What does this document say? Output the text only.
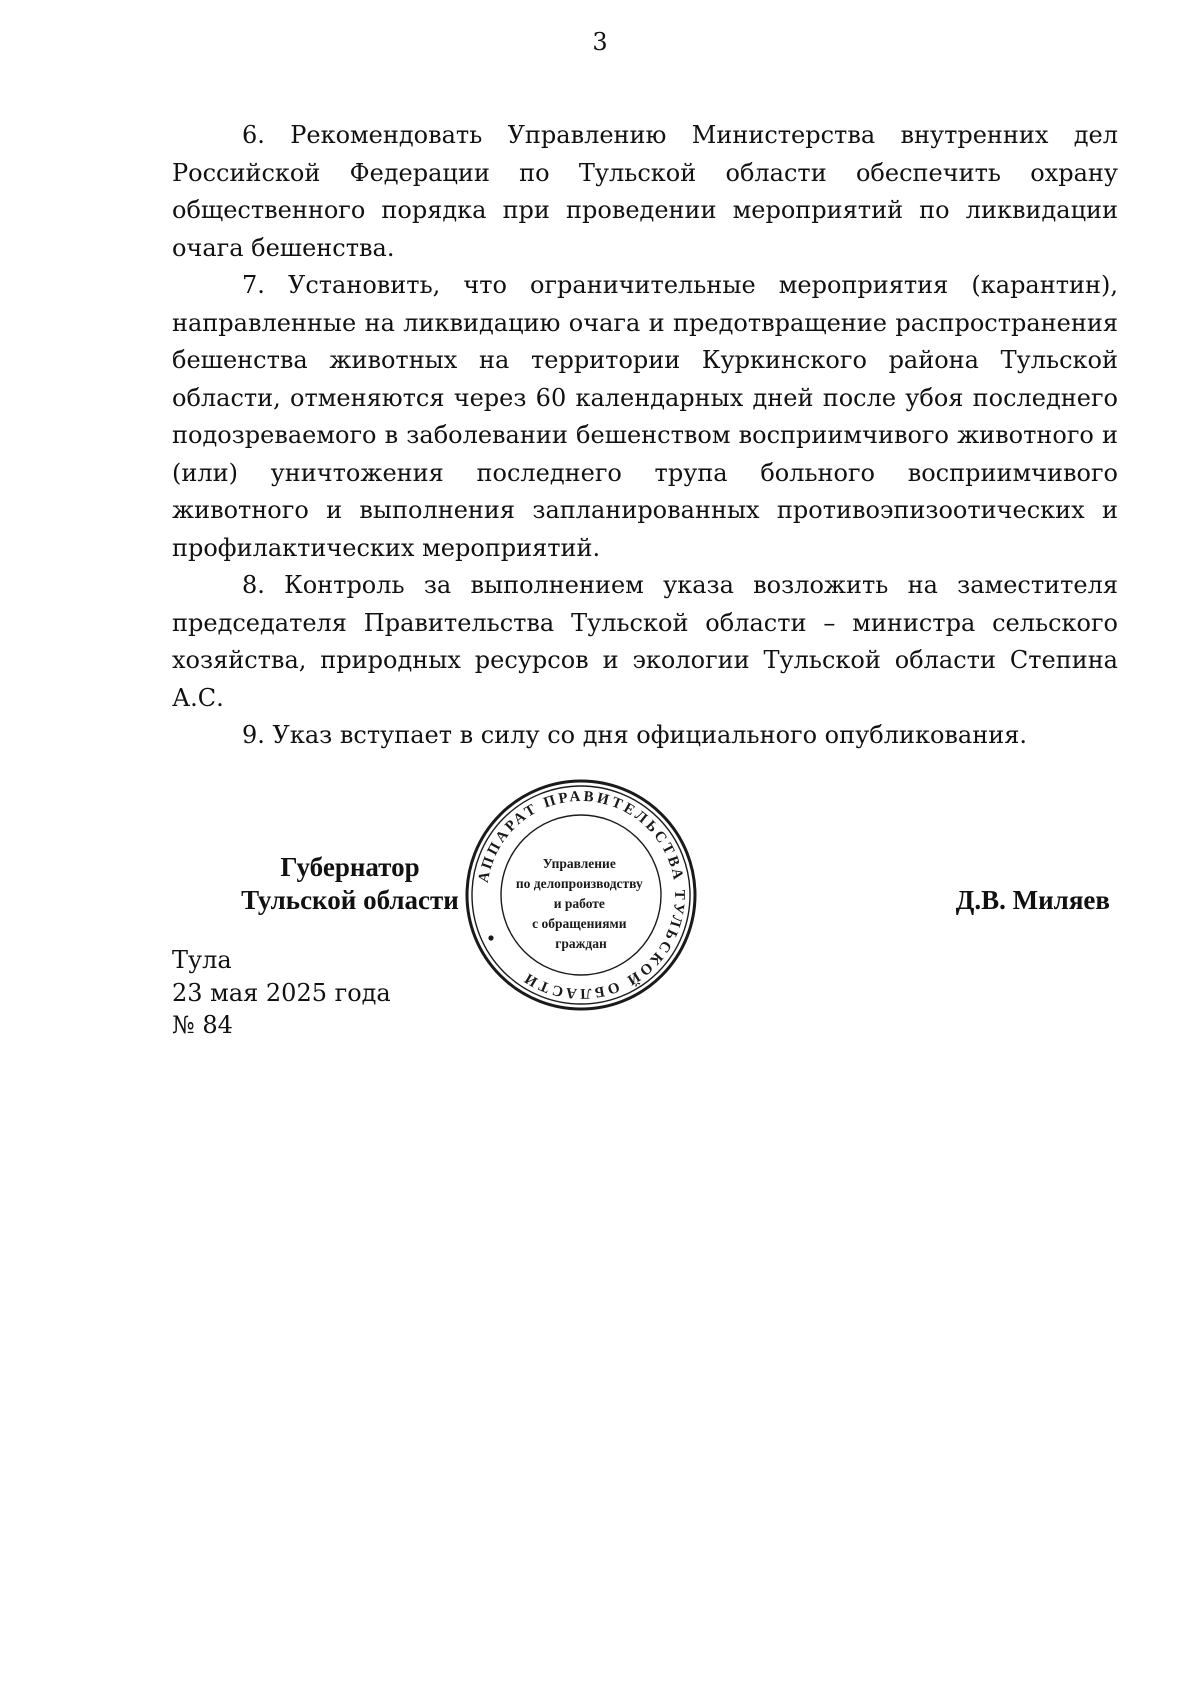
3

6. Рекомендовать Управлению Министерства внутренних дел Российской Федерации по Тульской области обеспечить охрану общественного порядка при проведении мероприятий по ликвидации очага бешенства.

7. Установить, что ограничительные мероприятия (карантин), направленные на ликвидацию очага и предотвращение распространения бешенства животных на территории Куркинского района Тульской области, отменяются через 60 календарных дней после убоя последнего подозреваемого в заболевании бешенством восприимчивого животного и (или) уничтожения последнего трупа больного восприимчивого животного и выполнения запланированных противоэпизоотических и профилактических мероприятий.

8. Контроль за выполнением указа возложить на заместителя председателя Правительства Тульской области – министра сельского хозяйства, природных ресурсов и экологии Тульской области Степина А.С.

9. Указ вступает в силу со дня официального опубликования.

АППАРАТ ПРАВИТЕЛЬСТВА ТУЛЬСКОЙ ОБЛАСТИ
Управление по делопроизводству и работе с обращениями граждан
Губернатор
Тульской области	Д.В. Миляев
Тула
23 мая 2025 года
№ 84
